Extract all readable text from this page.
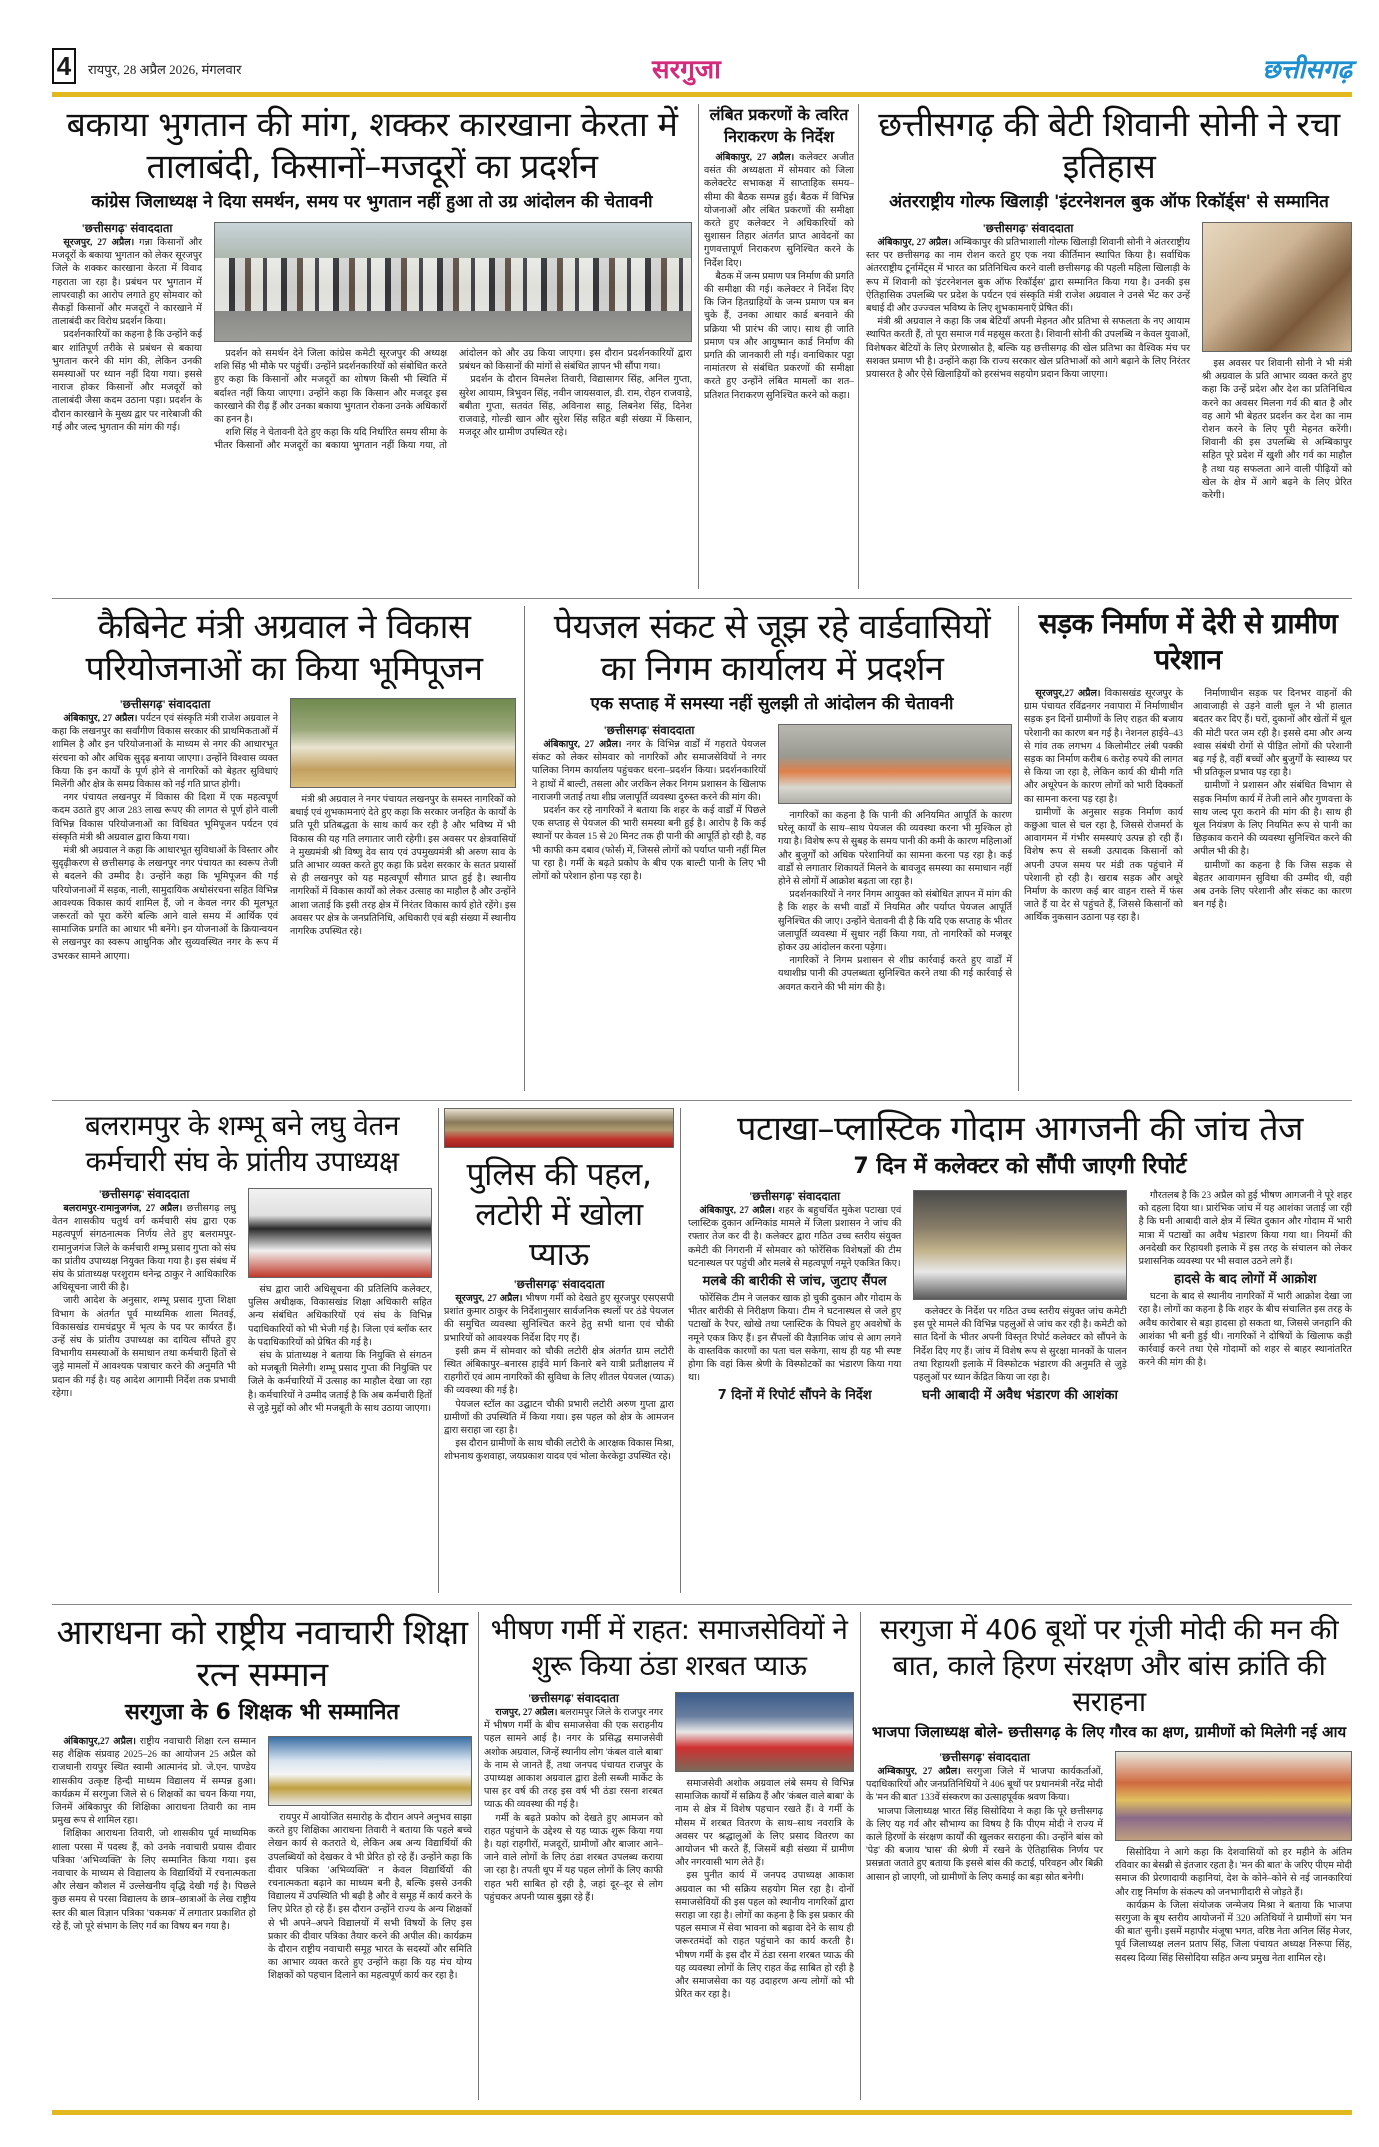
4	रायपुर, 28 अप्रैल 2026, मंगलवार	सरगुजा	छत्तीसगढ़
बकाया भुगतान की मांग, शक्कर कारखाना केरता में तालाबंदी, किसानों–मजदूरों का प्रदर्शन
कांग्रेस जिलाध्यक्ष ने दिया समर्थन, समय पर भुगतान नहीं हुआ तो उग्र आंदोलन की चेतावनी
'छत्तीसगढ़' संवाददाता

सूरजपुर, 27 अप्रैल। गन्ना किसानों और मजदूरों के बकाया भुगतान को लेकर सूरजपुर जिले के शक्कर कारखाना केरता में विवाद गहराता जा रहा है। प्रबंधन पर भुगतान में लापरवाही का आरोप लगाते हुए सोमवार को सैकड़ों किसानों और मजदूरों ने कारखाने में तालाबंदी कर विरोध प्रदर्शन किया।

प्रदर्शनकारियों का कहना है कि उन्होंने कई बार शांतिपूर्ण तरीके से प्रबंधन से बकाया भुगतान करने की मांग की, लेकिन उनकी समस्याओं पर ध्यान नहीं दिया गया। इससे नाराज होकर किसानों और मजदूरों को तालाबंदी जैसा कदम उठाना पड़ा। प्रदर्शन के दौरान कारखाने के मुख्य द्वार पर नारेबाजी की गई और जल्द भुगतान की मांग की गई।

प्रदर्शन को समर्थन देने जिला कांग्रेस कमेटी सूरजपुर की अध्यक्ष शशि सिंह भी मौके पर पहुंचीं। उन्होंने प्रदर्शनकारियों को संबोधित करते हुए कहा कि किसानों और मजदूरों का शोषण किसी भी स्थिति में बर्दाश्त नहीं किया जाएगा। उन्होंने कहा कि किसान और मजदूर इस कारखाने की रीढ़ हैं और उनका बकाया भुगतान रोकना उनके अधिकारों का हनन है।

शशि सिंह ने चेतावनी देते हुए कहा कि यदि निर्धारित समय सीमा के भीतर किसानों और मजदूरों का बकाया भुगतान नहीं किया गया, तो आंदोलन को और उग्र किया जाएगा। इस दौरान प्रदर्शनकारियों द्वारा प्रबंधन को किसानों की मांगों से संबंधित ज्ञापन भी सौंपा गया।

प्रदर्शन के दौरान विमलेश तिवारी, विद्यासागर सिंह, अनिल गुप्ता, सुरेश आयाम, त्रिभुवन सिंह, नवीन जायसवाल, डी. राम, रोहन राजवाड़े, बबीता गुप्ता, सतवंत सिंह, अविनाश साहू, लिबनेश सिंह, दिनेश राजवाड़े, गोल्डी खान और सुरेश सिंह सहित बड़ी संख्या में किसान, मजदूर और ग्रामीण उपस्थित रहे।

लंबित प्रकरणों के त्वरित निराकरण के निर्देश

अंबिकापुर, 27 अप्रैल। कलेक्टर अजीत वसंत की अध्यक्षता में सोमवार को जिला कलेक्टरेट सभाकक्ष में साप्ताहिक समय–सीमा की बैठक सम्पन्न हुई। बैठक में विभिन्न योजनाओं और लंबित प्रकरणों की समीक्षा करते हुए कलेक्टर ने अधिकारियों को सुशासन तिहार अंतर्गत प्राप्त आवेदनों का गुणवत्तापूर्ण निराकरण सुनिश्चित करने के निर्देश दिए।

बैठक में जन्म प्रमाण पत्र निर्माण की प्रगति की समीक्षा की गई। कलेक्टर ने निर्देश दिए कि जिन हितग्राहियों के जन्म प्रमाण पत्र बन चुके हैं, उनका आधार कार्ड बनवाने की प्रक्रिया भी प्रारंभ की जाए। साथ ही जाति प्रमाण पत्र और आयुष्मान कार्ड निर्माण की प्रगति की जानकारी ली गई। वनाधिकार पट्टा नामांतरण से संबंधित प्रकरणों की समीक्षा करते हुए उन्होंने लंबित मामलों का शत–प्रतिशत निराकरण सुनिश्चित करने को कहा।

छत्तीसगढ़ की बेटी शिवानी सोनी ने रचा इतिहास
अंतरराष्ट्रीय गोल्फ खिलाड़ी 'इंटरनेशनल बुक ऑफ रिकॉर्ड्स' से सम्मानित
'छत्तीसगढ़' संवाददाता

अंबिकापुर, 27 अप्रैल। अम्बिकापुर की प्रतिभाशाली गोल्फ खिलाड़ी शिवानी सोनी ने अंतरराष्ट्रीय स्तर पर छत्तीसगढ़ का नाम रोशन करते हुए एक नया कीर्तिमान स्थापित किया है। सर्वाधिक अंतरराष्ट्रीय टूर्नामेंट्स में भारत का प्रतिनिधित्व करने वाली छत्तीसगढ़ की पहली महिला खिलाड़ी के रूप में शिवानी को 'इंटरनेशनल बुक ऑफ रिकॉर्ड्स' द्वारा सम्मानित किया गया है। उनकी इस ऐतिहासिक उपलब्धि पर प्रदेश के पर्यटन एवं संस्कृति मंत्री राजेश अग्रवाल ने उनसे भेंट कर उन्हें बधाई दी और उज्ज्वल भविष्य के लिए शुभकामनाएँ प्रेषित कीं।

मंत्री श्री अग्रवाल ने कहा कि जब बेटियाँ अपनी मेहनत और प्रतिभा से सफलता के नए आयाम स्थापित करती हैं, तो पूरा समाज गर्व महसूस करता है। शिवानी सोनी की उपलब्धि न केवल युवाओं, विशेषकर बेटियों के लिए प्रेरणास्रोत है, बल्कि यह छत्तीसगढ़ की खेल प्रतिभा का वैश्विक मंच पर सशक्त प्रमाण भी है। उन्होंने कहा कि राज्य सरकार खेल प्रतिभाओं को आगे बढ़ाने के लिए निरंतर प्रयासरत है और ऐसे खिलाड़ियों को हरसंभव सहयोग प्रदान किया जाएगा।

इस अवसर पर शिवानी सोनी ने भी मंत्री श्री अग्रवाल के प्रति आभार व्यक्त करते हुए कहा कि उन्हें प्रदेश और देश का प्रतिनिधित्व करने का अवसर मिलना गर्व की बात है और वह आगे भी बेहतर प्रदर्शन कर देश का नाम रोशन करने के लिए पूरी मेहनत करेंगी। शिवानी की इस उपलब्धि से अम्बिकापुर सहित पूरे प्रदेश में खुशी और गर्व का माहौल है तथा यह सफलता आने वाली पीढ़ियों को खेल के क्षेत्र में आगे बढ़ने के लिए प्रेरित करेगी।

कैबिनेट मंत्री अग्रवाल ने विकास परियोजनाओं का किया भूमिपूजन
'छत्तीसगढ़' संवाददाता

अंबिकापुर, 27 अप्रैल। पर्यटन एवं संस्कृति मंत्री राजेश अग्रवाल ने कहा कि लखनपुर का सर्वांगीण विकास सरकार की प्राथमिकताओं में शामिल है और इन परियोजनाओं के माध्यम से नगर की आधारभूत संरचना को और अधिक सुदृढ़ बनाया जाएगा। उन्होंने विश्वास व्यक्त किया कि इन कार्यों के पूर्ण होने से नागरिकों को बेहतर सुविधाएं मिलेंगी और क्षेत्र के समग्र विकास को नई गति प्राप्त होगी।

नगर पंचायत लखनपुर में विकास की दिशा में एक महत्वपूर्ण कदम उठाते हुए आज 283 लाख रूपए की लागत से पूर्ण होने वाली विभिन्न विकास परियोजनाओं का विधिवत भूमिपूजन पर्यटन एवं संस्कृति मंत्री श्री अग्रवाल द्वारा किया गया।

मंत्री श्री अग्रवाल ने कहा कि आधारभूत सुविधाओं के विस्तार और सुदृढ़ीकरण से छत्तीसगढ़ के लखनपुर नगर पंचायत का स्वरूप तेजी से बदलने की उम्मीद है। उन्होंने कहा कि भूमिपूजन की गई परियोजनाओं में सड़क, नाली, सामुदायिक अधोसंरचना सहित विभिन्न आवश्यक विकास कार्य शामिल हैं, जो न केवल नगर की मूलभूत जरूरतों को पूरा करेंगे बल्कि आने वाले समय में आर्थिक एवं सामाजिक प्रगति का आधार भी बनेंगे। इन योजनाओं के क्रियान्वयन से लखनपुर का स्वरूप आधुनिक और सुव्यवस्थित नगर के रूप में उभरकर सामने आएगा।

मंत्री श्री अग्रवाल ने नगर पंचायत लखनपुर के समस्त नागरिकों को बधाई एवं शुभकामनाएं देते हुए कहा कि सरकार जनहित के कार्यों के प्रति पूरी प्रतिबद्धता के साथ कार्य कर रही है और भविष्य में भी विकास की यह गति लगातार जारी रहेगी। इस अवसर पर क्षेत्रवासियों ने मुख्यमंत्री श्री विष्णु देव साय एवं उपमुख्यमंत्री श्री अरुण साव के प्रति आभार व्यक्त करते हुए कहा कि प्रदेश सरकार के सतत प्रयासों से ही लखनपुर को यह महत्वपूर्ण सौगात प्राप्त हुई है। स्थानीय नागरिकों में विकास कार्यों को लेकर उत्साह का माहौल है और उन्होंने आशा जताई कि इसी तरह क्षेत्र में निरंतर विकास कार्य होते रहेंगे। इस अवसर पर क्षेत्र के जनप्रतिनिधि, अधिकारी एवं बड़ी संख्या में स्थानीय नागरिक उपस्थित रहे।

पेयजल संकट से जूझ रहे वार्डवासियों का निगम कार्यालय में प्रदर्शन
एक सप्ताह में समस्या नहीं सुलझी तो आंदोलन की चेतावनी
'छत्तीसगढ़' संवाददाता

अंबिकापुर, 27 अप्रैल। नगर के विभिन्न वार्डों में गहराते पेयजल संकट को लेकर सोमवार को नागरिकों और समाजसेवियों ने नगर पालिका निगम कार्यालय पहुंचकर धरना–प्रदर्शन किया। प्रदर्शनकारियों ने हाथों में बाल्टी, तसला और जरकिन लेकर निगम प्रशासन के खिलाफ नाराजगी जताई तथा शीघ्र जलापूर्ति व्यवस्था दुरुस्त करने की मांग की।

प्रदर्शन कर रहे नागरिकों ने बताया कि शहर के कई वार्डों में पिछले एक सप्ताह से पेयजल की भारी समस्या बनी हुई है। आरोप है कि कई स्थानों पर केवल 15 से 20 मिनट तक ही पानी की आपूर्ति हो रही है, वह भी काफी कम दबाव (फोर्स) में, जिससे लोगों को पर्याप्त पानी नहीं मिल पा रहा है। गर्मी के बढ़ते प्रकोप के बीच एक बाल्टी पानी के लिए भी लोगों को परेशान होना पड़ रहा है।

नागरिकों का कहना है कि पानी की अनियमित आपूर्ति के कारण घरेलू कार्यों के साथ–साथ पेयजल की व्यवस्था करना भी मुश्किल हो गया है। विशेष रूप से सुबह के समय पानी की कमी के कारण महिलाओं और बुजुर्गों को अधिक परेशानियों का सामना करना पड़ रहा है। कई वार्डों से लगातार शिकायतें मिलने के बावजूद समस्या का समाधान नहीं होने से लोगों में आक्रोश बढ़ता जा रहा है।

प्रदर्शनकारियों ने नगर निगम आयुक्त को संबोधित ज्ञापन में मांग की है कि शहर के सभी वार्डों में नियमित और पर्याप्त पेयजल आपूर्ति सुनिश्चित की जाए। उन्होंने चेतावनी दी है कि यदि एक सप्ताह के भीतर जलापूर्ति व्यवस्था में सुधार नहीं किया गया, तो नागरिकों को मजबूर होकर उग्र आंदोलन करना पड़ेगा।

नागरिकों ने निगम प्रशासन से शीघ्र कार्रवाई करते हुए वार्डों में यथाशीघ्र पानी की उपलब्धता सुनिश्चित करने तथा की गई कार्रवाई से अवगत कराने की भी मांग की है।

सड़क निर्माण में देरी से ग्रामीण परेशान

सूरजपुर,27 अप्रैल। विकासखंड सूरजपुर के ग्राम पंचायत रविंद्रनगर नवापारा में निर्माणाधीन सड़क इन दिनों ग्रामीणों के लिए राहत की बजाय परेशानी का कारण बन गई है। नेशनल हाईवे–43 से गांव तक लगभग 4 किलोमीटर लंबी पक्की सड़क का निर्माण करीब 6 करोड़ रुपये की लागत से किया जा रहा है, लेकिन कार्य की धीमी गति और अधूरेपन के कारण लोगों को भारी दिक्कतों का सामना करना पड़ रहा है।

ग्रामीणों के अनुसार सड़क निर्माण कार्य कछुआ चाल से चल रहा है, जिससे रोजमर्रा के आवागमन में गंभीर समस्याएं उत्पन्न हो रही हैं। विशेष रूप से सब्जी उत्पादक किसानों को अपनी उपज समय पर मंडी तक पहुंचाने में परेशानी हो रही है। खराब सड़क और अधूरे निर्माण के कारण कई बार वाहन रास्ते में फंस जाते हैं या देर से पहुंचते हैं, जिससे किसानों को आर्थिक नुकसान उठाना पड़ रहा है।

निर्माणाधीन सड़क पर दिनभर वाहनों की आवाजाही से उड़ने वाली धूल ने भी हालात बदतर कर दिए हैं। घरों, दुकानों और खेतों में धूल की मोटी परत जम रही है। इससे दमा और अन्य श्वास संबंधी रोगों से पीड़ित लोगों की परेशानी बढ़ गई है, वहीं बच्चों और बुजुर्गों के स्वास्थ्य पर भी प्रतिकूल प्रभाव पड़ रहा है।

ग्रामीणों ने प्रशासन और संबंधित विभाग से सड़क निर्माण कार्य में तेजी लाने और गुणवत्ता के साथ जल्द पूरा कराने की मांग की है। साथ ही धूल नियंत्रण के लिए नियमित रूप से पानी का छिड़काव कराने की व्यवस्था सुनिश्चित करने की अपील भी की है।

ग्रामीणों का कहना है कि जिस सड़क से बेहतर आवागमन सुविधा की उम्मीद थी, वही अब उनके लिए परेशानी और संकट का कारण बन गई है।

बलरामपुर के शम्भू बने लघु वेतन कर्मचारी संघ के प्रांतीय उपाध्यक्ष
'छत्तीसगढ़' संवाददाता

बलरामपुर-रामानुजगंज, 27 अप्रैल। छत्तीसगढ़ लघु वेतन शासकीय चतुर्थ वर्ग कर्मचारी संघ द्वारा एक महत्वपूर्ण संगठनात्मक निर्णय लेते हुए बलरामपुर-रामानुजगंज जिले के कर्मचारी शम्भू प्रसाद गुप्ता को संघ का प्रांतीय उपाध्यक्ष नियुक्त किया गया है। इस संबंध में संघ के प्रांताध्यक्ष परशुराम धनेन्द्र ठाकुर ने आधिकारिक अधिसूचना जारी की है।

जारी आदेश के अनुसार, शम्भू प्रसाद गुप्ता शिक्षा विभाग के अंतर्गत पूर्व माध्यमिक शाला मितवई, विकासखंड रामचंद्रपुर में भृत्य के पद पर कार्यरत हैं। उन्हें संघ के प्रांतीय उपाध्यक्ष का दायित्व सौंपते हुए विभागीय समस्याओं के समाधान तथा कर्मचारी हितों से जुड़े मामलों में आवश्यक पत्राचार करने की अनुमति भी प्रदान की गई है। यह आदेश आगामी निर्देश तक प्रभावी रहेगा।

संघ द्वारा जारी अधिसूचना की प्रतिलिपि कलेक्टर, पुलिस अधीक्षक, विकासखंड शिक्षा अधिकारी सहित अन्य संबंधित अधिकारियों एवं संघ के विभिन्न पदाधिकारियों को भी भेजी गई है। जिला एवं ब्लॉक स्तर के पदाधिकारियों को प्रेषित की गई है।

संघ के प्रांताध्यक्ष ने बताया कि नियुक्ति से संगठन को मजबूती मिलेगी। शम्भू प्रसाद गुप्ता की नियुक्ति पर जिले के कर्मचारियों में उत्साह का माहौल देखा जा रहा है। कर्मचारियों ने उम्मीद जताई है कि अब कर्मचारी हितों से जुड़े मुद्दों को और भी मजबूती के साथ उठाया जाएगा।

पुलिस की पहल, लटोरी में खोला प्याऊ
'छत्तीसगढ़' संवाददाता

सूरजपुर, 27 अप्रैल। भीषण गर्मी को देखते हुए सूरजपुर एसएसपी प्रशांत कुमार ठाकुर के निर्देशानुसार सार्वजनिक स्थलों पर ठंडे पेयजल की समुचित व्यवस्था सुनिश्चित करने हेतु सभी थाना एवं चौकी प्रभारियों को आवश्यक निर्देश दिए गए हैं।

इसी क्रम में सोमवार को चौकी लटोरी क्षेत्र अंतर्गत ग्राम लटोरी स्थित अंबिकापुर–बनारस हाईवे मार्ग किनारे बने यात्री प्रतीक्षालय में राहगीरों एवं आम नागरिकों की सुविधा के लिए शीतल पेयजल (प्याऊ) की व्यवस्था की गई है।

पेयजल स्टॉल का उद्घाटन चौकी प्रभारी लटोरी अरुण गुप्ता द्वारा ग्रामीणों की उपस्थिति में किया गया। इस पहल को क्षेत्र के आमजन द्वारा सराहा जा रहा है।

इस दौरान ग्रामीणों के साथ चौकी लटोरी के आरक्षक विकास मिश्रा, शोभनाथ कुशवाहा, जयप्रकाश यादव एवं भोला केरकेट्टा उपस्थित रहे।

पटाखा–प्लास्टिक गोदाम आगजनी की जांच तेज
7 दिन में कलेक्टर को सौंपी जाएगी रिपोर्ट
'छत्तीसगढ़' संवाददाता

अंबिकापुर, 27 अप्रैल। शहर के बहुचर्चित मुकेश पटाखा एवं प्लास्टिक दुकान अग्निकांड मामले में जिला प्रशासन ने जांच की रफ्तार तेज कर दी है। कलेक्टर द्वारा गठित उच्च स्तरीय संयुक्त कमेटी की निगरानी में सोमवार को फोरेंसिक विशेषज्ञों की टीम घटनास्थल पर पहुंची और मलबे से महत्वपूर्ण नमूने एकत्रित किए।

मलबे की बारीकी से जांच, जुटाए सैंपल

फोरेंसिक टीम ने जलकर खाक हो चुकी दुकान और गोदाम के भीतर बारीकी से निरीक्षण किया। टीम ने घटनास्थल से जले हुए पटाखों के रैपर, खोखे तथा प्लास्टिक के पिघले हुए अवशेषों के नमूने एकत्र किए हैं। इन सैंपलों की वैज्ञानिक जांच से आग लगने के वास्तविक कारणों का पता चल सकेगा, साथ ही यह भी स्पष्ट होगा कि वहां किस श्रेणी के विस्फोटकों का भंडारण किया गया था।

7 दिनों में रिपोर्ट सौंपने के निर्देश

कलेक्टर के निर्देश पर गठित उच्च स्तरीय संयुक्त जांच कमेटी इस पूरे मामले की विभिन्न पहलुओं से जांच कर रही है। कमेटी को सात दिनों के भीतर अपनी विस्तृत रिपोर्ट कलेक्टर को सौंपने के निर्देश दिए गए हैं। जांच में विशेष रूप से सुरक्षा मानकों के पालन तथा रिहायशी इलाके में विस्फोटक भंडारण की अनुमति से जुड़े पहलुओं पर ध्यान केंद्रित किया जा रहा है।

घनी आबादी में अवैध भंडारण की आशंका

गौरतलब है कि 23 अप्रैल को हुई भीषण आगजनी ने पूरे शहर को दहला दिया था। प्रारंभिक जांच में यह आशंका जताई जा रही है कि घनी आबादी वाले क्षेत्र में स्थित दुकान और गोदाम में भारी मात्रा में पटाखों का अवैध भंडारण किया गया था। नियमों की अनदेखी कर रिहायशी इलाके में इस तरह के संचालन को लेकर प्रशासनिक व्यवस्था पर भी सवाल उठने लगे हैं।

हादसे के बाद लोगों में आक्रोश

घटना के बाद से स्थानीय नागरिकों में भारी आक्रोश देखा जा रहा है। लोगों का कहना है कि शहर के बीच संचालित इस तरह के अवैध कारोबार से बड़ा हादसा हो सकता था, जिससे जनहानि की आशंका भी बनी हुई थी। नागरिकों ने दोषियों के खिलाफ कड़ी कार्रवाई करने तथा ऐसे गोदामों को शहर से बाहर स्थानांतरित करने की मांग की है।

आराधना को राष्ट्रीय नवाचारी शिक्षा रत्न सम्मान
सरगुजा के 6 शिक्षक भी सम्मानित

अंबिकापुर,27 अप्रैल। राष्ट्रीय नवाचारी शिक्षा रत्न सम्मान सह शैक्षिक संप्रवाह 2025–26 का आयोजन 25 अप्रैल को राजधानी रायपुर स्थित स्वामी आत्मानंद प्रो. जे.एन. पाण्डेय शासकीय उत्कृष्ट हिन्दी माध्यम विद्यालय में सम्पन्न हुआ। कार्यक्रम में सरगुजा जिले से 6 शिक्षकों का चयन किया गया, जिनमें अंबिकापुर की शिक्षिका आराधना तिवारी का नाम प्रमुख रूप से शामिल रहा।

शिक्षिका आराधना तिवारी, जो शासकीय पूर्व माध्यमिक शाला परसा में पदस्थ हैं, को उनके नवाचारी प्रयास दीवार पत्रिका 'अभिव्यक्ति' के लिए सम्मानित किया गया। इस नवाचार के माध्यम से विद्यालय के विद्यार्थियों में रचनात्मकता और लेखन कौशल में उल्लेखनीय वृद्धि देखी गई है। पिछले कुछ समय से परसा विद्यालय के छात्र–छात्राओं के लेख राष्ट्रीय स्तर की बाल विज्ञान पत्रिका 'चकमक' में लगातार प्रकाशित हो रहे हैं, जो पूरे संभाग के लिए गर्व का विषय बन गया है।

रायपुर में आयोजित समारोह के दौरान अपने अनुभव साझा करते हुए शिक्षिका आराधना तिवारी ने बताया कि पहले बच्चे लेखन कार्य से कतराते थे, लेकिन अब अन्य विद्यार्थियों की उपलब्धियों को देखकर वे भी प्रेरित हो रहे हैं। उन्होंने कहा कि दीवार पत्रिका 'अभिव्यक्ति' न केवल विद्यार्थियों की रचनात्मकता बढ़ाने का माध्यम बनी है, बल्कि इससे उनकी विद्यालय में उपस्थिति भी बढ़ी है और वे समूह में कार्य करने के लिए प्रेरित हो रहे हैं। इस दौरान उन्होंने राज्य के अन्य शिक्षकों से भी अपने–अपने विद्यालयों में सभी विषयों के लिए इस प्रकार की दीवार पत्रिका तैयार करने की अपील की। कार्यक्रम के दौरान राष्ट्रीय नवाचारी समूह भारत के सदस्यों और समिति का आभार व्यक्त करते हुए उन्होंने कहा कि यह मंच योग्य शिक्षकों को पहचान दिलाने का महत्वपूर्ण कार्य कर रहा है।

भीषण गर्मी में राहत: समाजसेवियों ने शुरू किया ठंडा शरबत प्याऊ
'छत्तीसगढ़' संवाददाता

राजपुर, 27 अप्रैल। बलरामपुर जिले के राजपुर नगर में भीषण गर्मी के बीच समाजसेवा की एक सराहनीय पहल सामने आई है। नगर के प्रसिद्ध समाजसेवी अशोक अग्रवाल, जिन्हें स्थानीय लोग 'कंबल वाले बाबा' के नाम से जानते हैं, तथा जनपद पंचायत राजपुर के उपाध्यक्ष आकाश अग्रवाल द्वारा डेली सब्जी मार्केट के पास हर वर्ष की तरह इस वर्ष भी ठंडा रसना शरबत प्याऊ की व्यवस्था की गई है।

गर्मी के बढ़ते प्रकोप को देखते हुए आमजन को राहत पहुंचाने के उद्देश्य से यह प्याऊ शुरू किया गया है। यहां राहगीरों, मजदूरों, ग्रामीणों और बाजार आने–जाने वाले लोगों के लिए ठंडा शरबत उपलब्ध कराया जा रहा है। तपती धूप में यह पहल लोगों के लिए काफी राहत भरी साबित हो रही है, जहां दूर–दूर से लोग पहुंचकर अपनी प्यास बुझा रहे हैं।

समाजसेवी अशोक अग्रवाल लंबे समय से विभिन्न सामाजिक कार्यों में सक्रिय हैं और 'कंबल वाले बाबा' के नाम से क्षेत्र में विशेष पहचान रखते हैं। वे गर्मी के मौसम में शरबत वितरण के साथ–साथ नवरात्रि के अवसर पर श्रद्धालुओं के लिए प्रसाद वितरण का आयोजन भी करते हैं, जिसमें बड़ी संख्या में ग्रामीण और नगरवासी भाग लेते हैं।

इस पुनीत कार्य में जनपद उपाध्यक्ष आकाश अग्रवाल का भी सक्रिय सहयोग मिल रहा है। दोनों समाजसेवियों की इस पहल को स्थानीय नागरिकों द्वारा सराहा जा रहा है। लोगों का कहना है कि इस प्रकार की पहल समाज में सेवा भावना को बढ़ावा देने के साथ ही जरूरतमंदों को राहत पहुंचाने का कार्य करती है। भीषण गर्मी के इस दौर में ठंडा रसना शरबत प्याऊ की यह व्यवस्था लोगों के लिए राहत केंद्र साबित हो रही है और समाजसेवा का यह उदाहरण अन्य लोगों को भी प्रेरित कर रहा है।

सरगुजा में 406 बूथों पर गूंजी मोदी की मन की बात, काले हिरण संरक्षण और बांस क्रांति की सराहना
भाजपा जिलाध्यक्ष बोले- छत्तीसगढ़ के लिए गौरव का क्षण, ग्रामीणों को मिलेगी नई आय
'छत्तीसगढ़' संवाददाता

अम्बिकापुर, 27 अप्रैल। सरगुजा जिले में भाजपा कार्यकर्ताओं, पदाधिकारियों और जनप्रतिनिधियों ने 406 बूथों पर प्रधानमंत्री नरेंद्र मोदी के 'मन की बात' 133वें संस्करण का उत्साहपूर्वक श्रवण किया।

भाजपा जिलाध्यक्ष भारत सिंह सिसोदिया ने कहा कि पूरे छत्तीसगढ़ के लिए यह गर्व और सौभाग्य का विषय है कि पीएम मोदी ने राज्य में काले हिरणों के संरक्षण कार्यों की खुलकर सराहना की। उन्होंने बांस को 'पेड़' की बजाय 'घास' की श्रेणी में रखने के ऐतिहासिक निर्णय पर प्रसन्नता जताते हुए बताया कि इससे बांस की कटाई, परिवहन और बिक्री आसान हो जाएगी, जो ग्रामीणों के लिए कमाई का बड़ा स्रोत बनेगी।

सिसोदिया ने आगे कहा कि देशवासियों को हर महीने के अंतिम रविवार का बेसब्री से इंतजार रहता है। 'मन की बात' के जरिए पीएम मोदी समाज की प्रेरणादायी कहानियां, देश के कोने–कोने से नई जानकारियां और राष्ट्र निर्माण के संकल्प को जनभागीदारी से जोड़ते हैं।

कार्यक्रम के जिला संयोजक जन्मेजय मिश्रा ने बताया कि भाजपा सरगुजा के बूथ स्तरीय आयोजनों में 320 अतिथियों ने ग्रामीणों संग 'मन की बात' सुनी। इसमें महापौर मंजूषा भगत, वरिष्ठ नेता अनिल सिंह मेजर, पूर्व जिलाध्यक्ष ललन प्रताप सिंह, जिला पंचायत अध्यक्ष निरूपा सिंह, सदस्य दिव्या सिंह सिसोदिया सहित अन्य प्रमुख नेता शामिल रहे।
